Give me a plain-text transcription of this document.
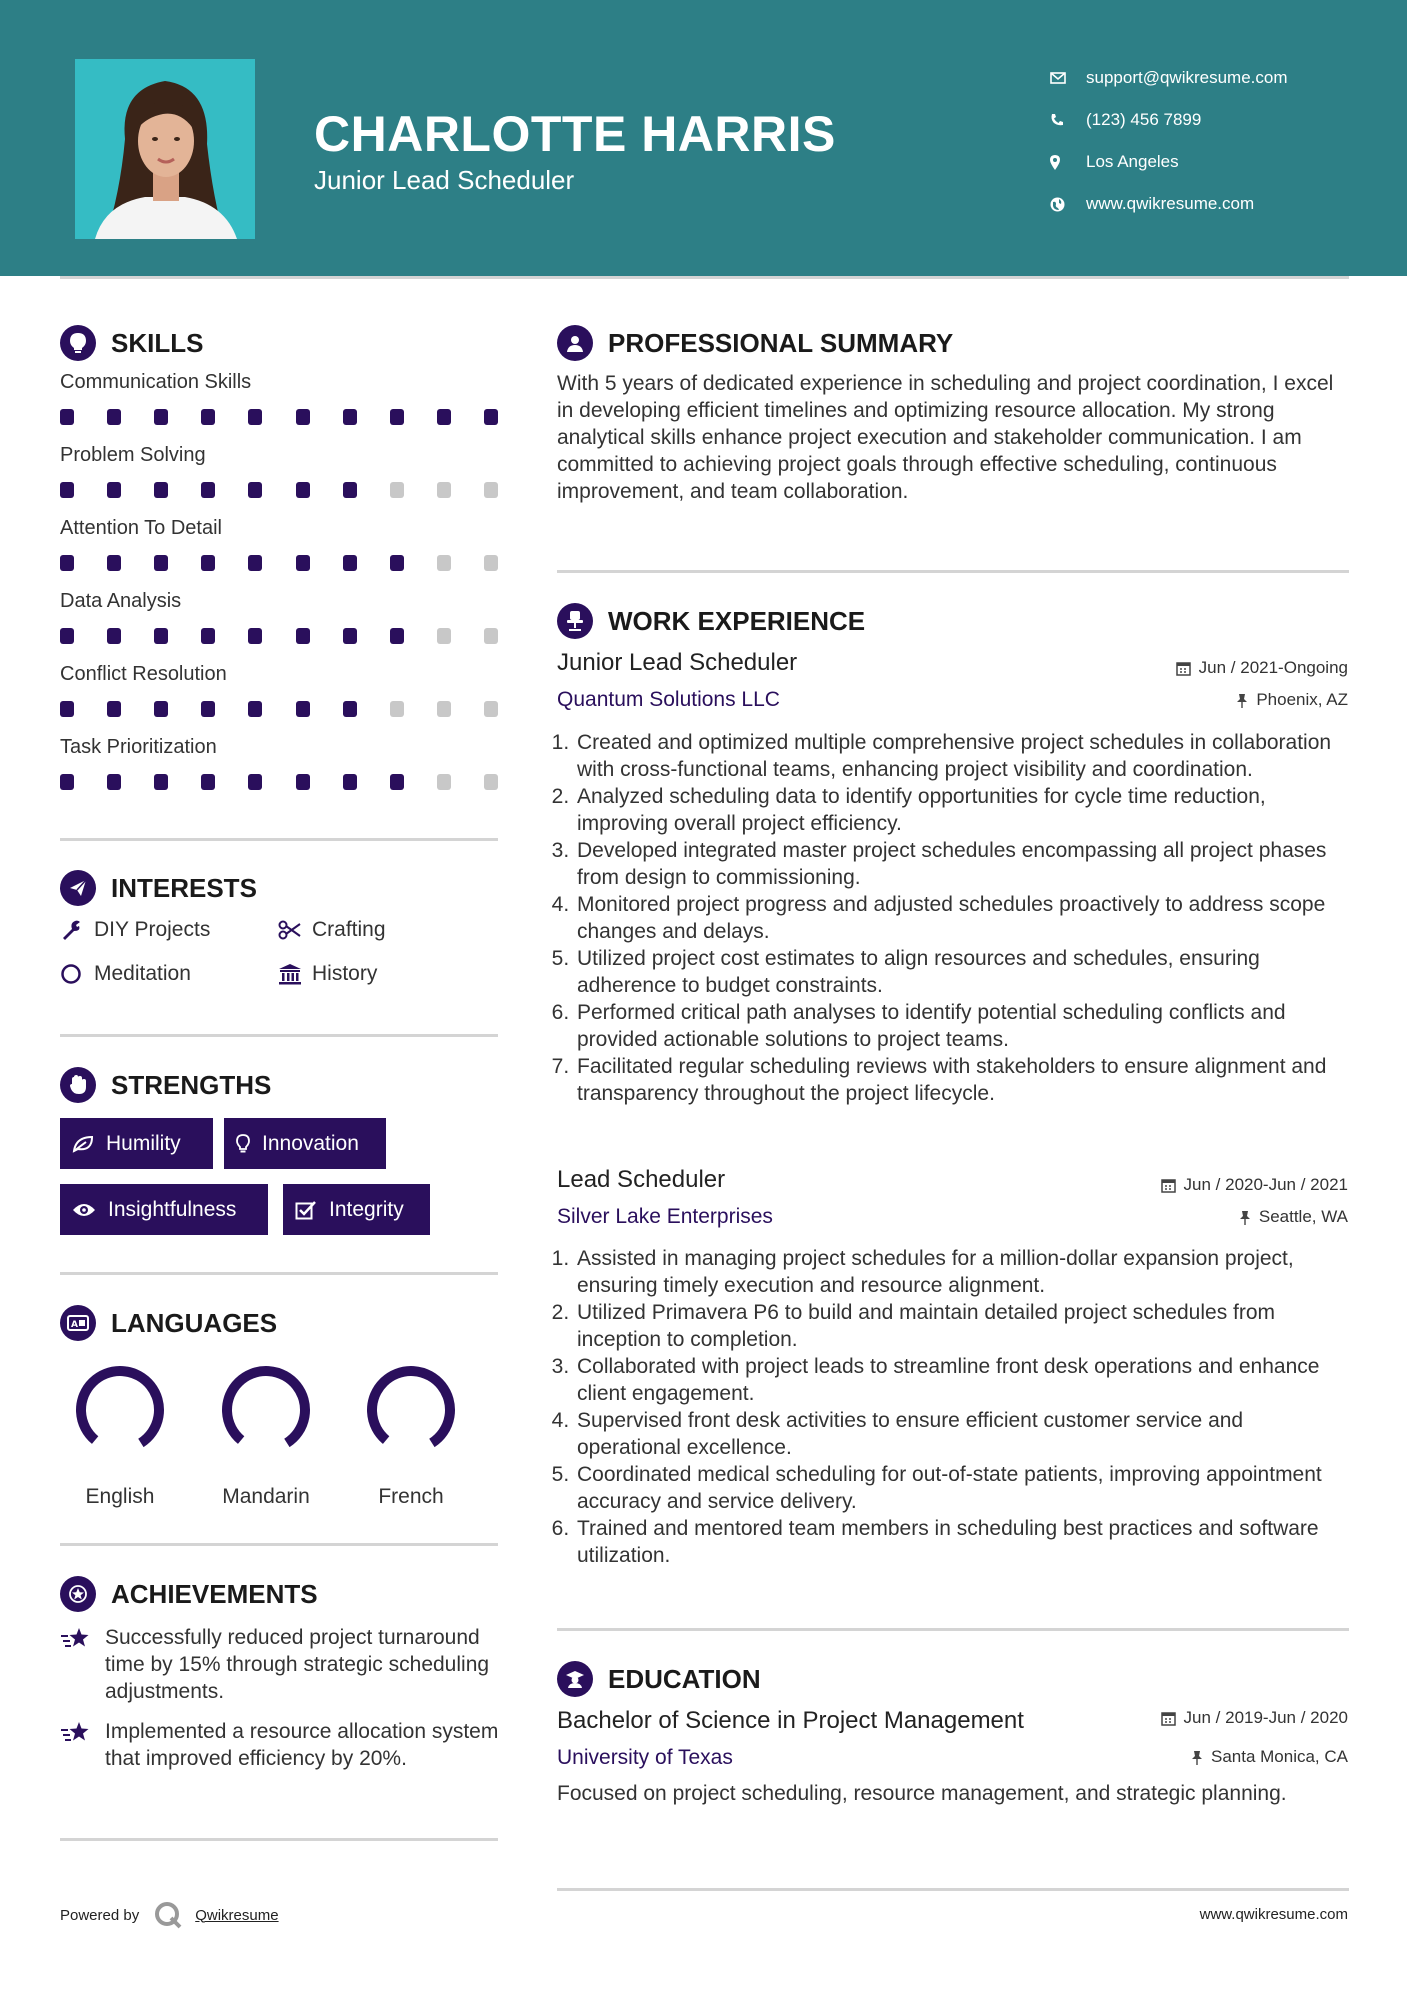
CHARLOTTE HARRIS
Junior Lead Scheduler
support@qwikresume.com
(123) 456 7899
Los Angeles
www.qwikresume.com
SKILLS
Communication Skills
Problem Solving
Attention To Detail
Data Analysis
Conflict Resolution
Task Prioritization
INTERESTS
DIY Projects	Crafting
Meditation	History
STRENGTHS
Humility	Innovation
Insightfulness	Integrity
A LANGUAGES
English	Mandarin	French
ACHIEVEMENTS
Successfully reduced project turnaround time by 15% through strategic scheduling adjustments.
Implemented a resource allocation system that improved efficiency by 20%.
PROFESSIONAL SUMMARY
With 5 years of dedicated experience in scheduling and project coordination, I excel in developing efficient timelines and optimizing resource allocation. My strong analytical skills enhance project execution and stakeholder communication. I am committed to achieving project goals through effective scheduling, continuous improvement, and team collaboration.
WORK EXPERIENCE
Junior Lead Scheduler	Jun / 2021-Ongoing
Quantum Solutions LLC	Phoenix, AZ
1. Created and optimized multiple comprehensive project schedules in collaboration with cross-functional teams, enhancing project visibility and coordination.
2. Analyzed scheduling data to identify opportunities for cycle time reduction, improving overall project efficiency.
3. Developed integrated master project schedules encompassing all project phases from design to commissioning.
4. Monitored project progress and adjusted schedules proactively to address scope changes and delays.
5. Utilized project cost estimates to align resources and schedules, ensuring adherence to budget constraints.
6. Performed critical path analyses to identify potential scheduling conflicts and provided actionable solutions to project teams.
7. Facilitated regular scheduling reviews with stakeholders to ensure alignment and transparency throughout the project lifecycle.
Lead Scheduler	Jun / 2020-Jun / 2021
Silver Lake Enterprises	Seattle, WA
1. Assisted in managing project schedules for a million-dollar expansion project, ensuring timely execution and resource alignment.
2. Utilized Primavera P6 to build and maintain detailed project schedules from inception to completion.
3. Collaborated with project leads to streamline front desk operations and enhance client engagement.
4. Supervised front desk activities to ensure efficient customer service and operational excellence.
5. Coordinated medical scheduling for out-of-state patients, improving appointment accuracy and service delivery.
6. Trained and mentored team members in scheduling best practices and software utilization.
EDUCATION
Bachelor of Science in Project Management	Jun / 2019-Jun / 2020
University of Texas	Santa Monica, CA
Focused on project scheduling, resource management, and strategic planning.
Powered by	Qwikresume	www.qwikresume.com
